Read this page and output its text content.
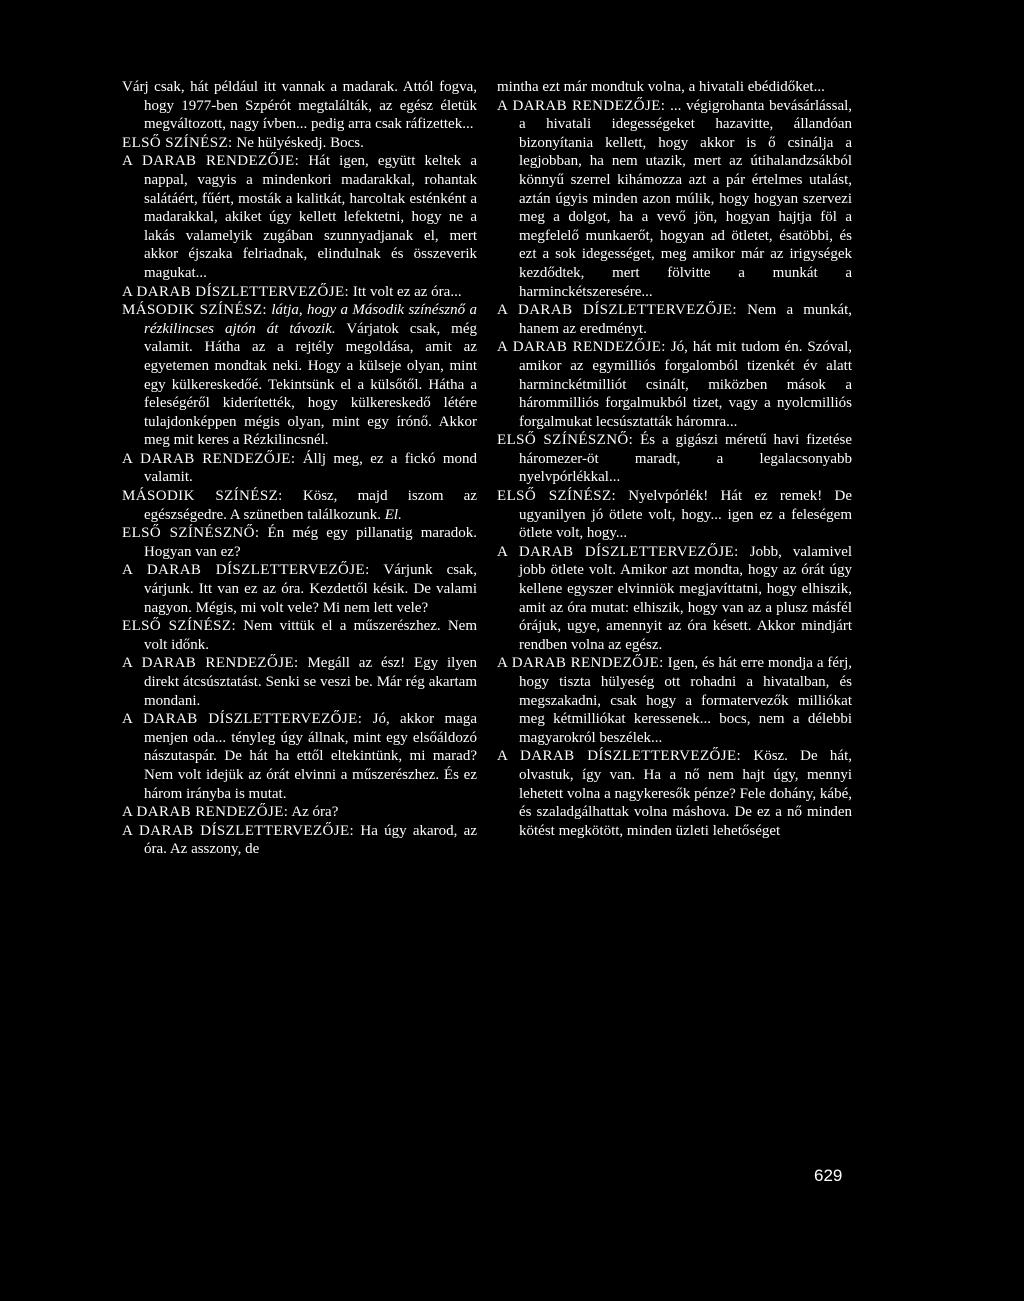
Várj csak, hát például itt vannak a madarak. Attól fogva, hogy 1977-ben Szpérót megtalálták, az egész életük megváltozott, nagy ívben... pedig arra csak ráfizettek...

ELSŐ SZÍNÉSZ: Ne hülyéskedj. Bocs.

A DARAB RENDEZŐJE: Hát igen, együtt keltek a nappal, vagyis a mindenkori madarakkal, rohantak salátáért, fűért, mosták a kalitkát, harcoltak esténként a madarakkal, akiket úgy kellett lefektetni, hogy ne a lakás valamelyik zugában szunnyadjanak el, mert akkor éjszaka felriadnak, elindulnak és összeverik magukat...

A DARAB DÍSZLETTERVEZŐJE: Itt volt ez az óra...

MÁSODIK SZÍNÉSZ: látja, hogy a Második színésznő a rézkilincses ajtón át távozik. Várjatok csak, még valamit. Hátha az a rejtély megoldása, amit az egyetemen mondtak neki. Hogy a külseje olyan, mint egy külkereskedőé. Tekintsünk el a külsőtől. Hátha a feleségéről kiderítették, hogy külkereskedő létére tulajdonképpen mégis olyan, mint egy írónő. Akkor meg mit keres a Rézkilincsnél.

A DARAB RENDEZŐJE: Állj meg, ez a fickó mond valamit.

MÁSODIK SZÍNÉSZ: Kösz, majd iszom az egészségedre. A szünetben találkozunk. El.

ELSŐ SZÍNÉSZNŐ: Én még egy pillanatig maradok. Hogyan van ez?

A DARAB DÍSZLETTERVEZŐJE: Várjunk csak, várjunk. Itt van ez az óra. Kezdettől késik. De valami nagyon. Mégis, mi volt vele? Mi nem lett vele?

ELSŐ SZÍNÉSZ: Nem vittük el a műszerészhez. Nem volt időnk.

A DARAB RENDEZŐJE: Megáll az ész! Egy ilyen direkt átcsúsztatást. Senki se veszi be. Már rég akartam mondani.

A DARAB DÍSZLETTERVEZŐJE: Jó, akkor maga menjen oda... tényleg úgy állnak, mint egy elsőáldozó nászutaspár. De hát ha ettől eltekintünk, mi marad? Nem volt idejük az órát elvinni a műszerészhez. És ez három irányba is mutat.

A DARAB RENDEZŐJE: Az óra?

A DARAB DÍSZLETTERVEZŐJE: Ha úgy akarod, az óra. Az asszony, de

mintha ezt már mondtuk volna, a hivatali ebédidőket...

A DARAB RENDEZŐJE: ... végigrohanta bevásárlással, a hivatali idegességeket hazavitte, állandóan bizonyítania kellett, hogy akkor is ő csinálja a legjobban, ha nem utazik, mert az útihalandzsákból könnyű szerrel kihámozza azt a pár értelmes utalást, aztán úgyis minden azon múlik, hogy hogyan szervezi meg a dolgot, ha a vevő jön, hogyan hajtja föl a megfelelő munkaerőt, hogyan ad ötletet, ésatöbbi, és ezt a sok idegességet, meg amikor már az irigységek kezdődtek, mert fölvitte a munkát a harminckétszeresére...

A DARAB DÍSZLETTERVEZŐJE: Nem a munkát, hanem az eredményt.

A DARAB RENDEZŐJE: Jó, hát mit tudom én. Szóval, amikor az egymilliós forgalomból tizenkét év alatt harminckétmilliót csinált, miközben mások a hárommilliós forgalmukból tizet, vagy a nyolcmilliós forgalmukat lecsúsztatták háromra...

ELSŐ SZÍNÉSZNŐ: És a gigászi méretű havi fizetése háromezer-öt maradt, a legalacsonyabb nyelvpórlékkal...

ELSŐ SZÍNÉSZ: Nyelvpórlék! Hát ez remek! De ugyanilyen jó ötlete volt, hogy... igen ez a feleségem ötlete volt, hogy...

A DARAB DÍSZLETTERVEZŐJE: Jobb, valamivel jobb ötlete volt. Amikor azt mondta, hogy az órát úgy kellene egyszer elvinniök megjavíttatni, hogy elhiszik, amit az óra mutat: elhiszik, hogy van az a plusz másfél órájuk, ugye, amennyit az óra késett. Akkor mindjárt rendben volna az egész.

A DARAB RENDEZŐJE: Igen, és hát erre mondja a férj, hogy tiszta hülyeség ott rohadni a hivatalban, és megszakadni, csak hogy a formatervezők milliókat meg kétmilliókat keressenek... bocs, nem a délebbi magyarokról beszélek...

A DARAB DÍSZLETTERVEZŐJE: Kösz. De hát, olvastuk, így van. Ha a nő nem hajt úgy, mennyi lehetett volna a nagykeresők pénze? Fele dohány, kábé, és szaladgálhattak volna máshova. De ez a nő minden kötést megkötött, minden üzleti lehetőséget

629
